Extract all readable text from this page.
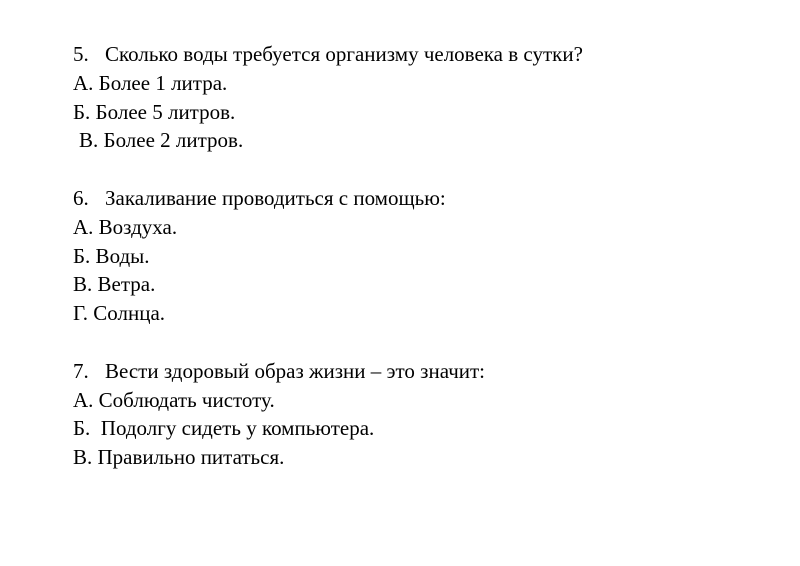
5. Сколько воды требуется организму человека в сутки?
А. Более 1 литра.
Б. Более 5 литров.
В. Более 2 литров.
6. Закаливание проводиться с помощью:
А. Воздуха.
Б. Воды.
В. Ветра.
Г. Солнца.
7. Вести здоровый образ жизни – это значит:
А. Соблюдать чистоту.
Б.  Подолгу сидеть у компьютера.
В. Правильно питаться.
